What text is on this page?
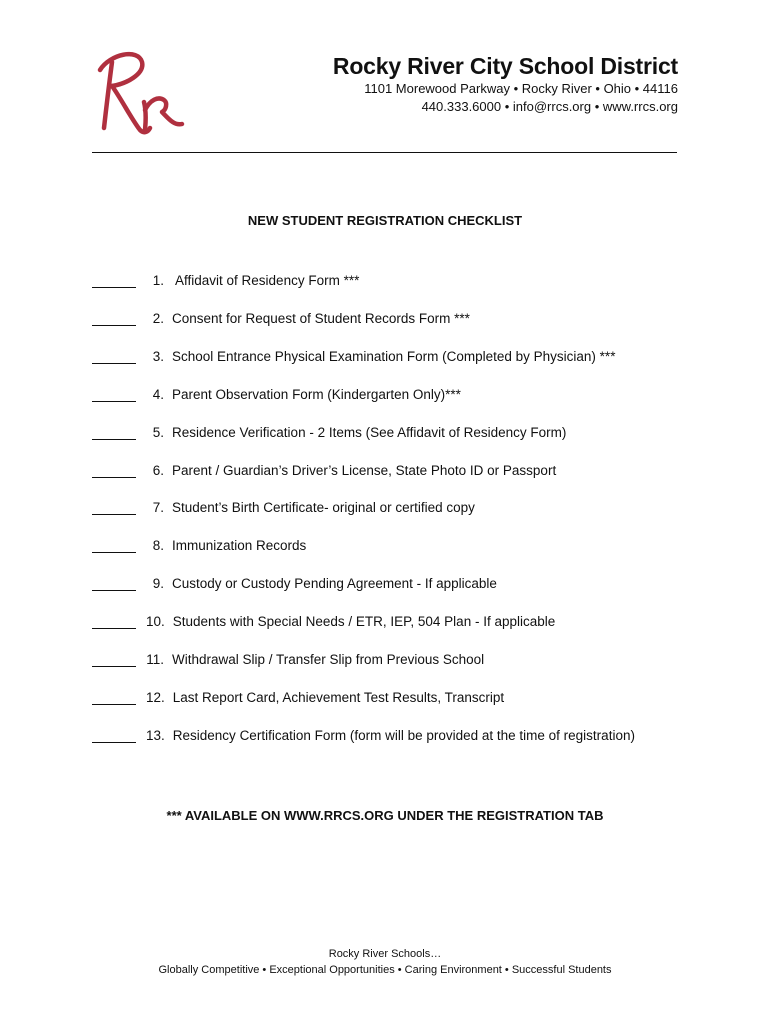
Rocky River City School District
1101 Morewood Parkway • Rocky River • Ohio • 44116
440.333.6000 • info@rrcs.org • www.rrcs.org
NEW STUDENT REGISTRATION CHECKLIST
1. Affidavit of Residency Form ***
2. Consent for Request of Student Records Form ***
3. School Entrance Physical Examination Form (Completed by Physician) ***
4. Parent Observation Form (Kindergarten Only)***
5. Residence Verification - 2 Items (See Affidavit of Residency Form)
6. Parent / Guardian’s Driver’s License, State Photo ID or Passport
7. Student’s Birth Certificate- original or certified copy
8. Immunization Records
9. Custody or Custody Pending Agreement - If applicable
10. Students with Special Needs / ETR, IEP, 504 Plan - If applicable
11. Withdrawal Slip / Transfer Slip from Previous School
12. Last Report Card, Achievement Test Results, Transcript
13. Residency Certification Form (form will be provided at the time of registration)
*** AVAILABLE ON WWW.RRCS.ORG UNDER THE REGISTRATION TAB
Rocky River Schools…
Globally Competitive • Exceptional Opportunities • Caring Environment • Successful Students
